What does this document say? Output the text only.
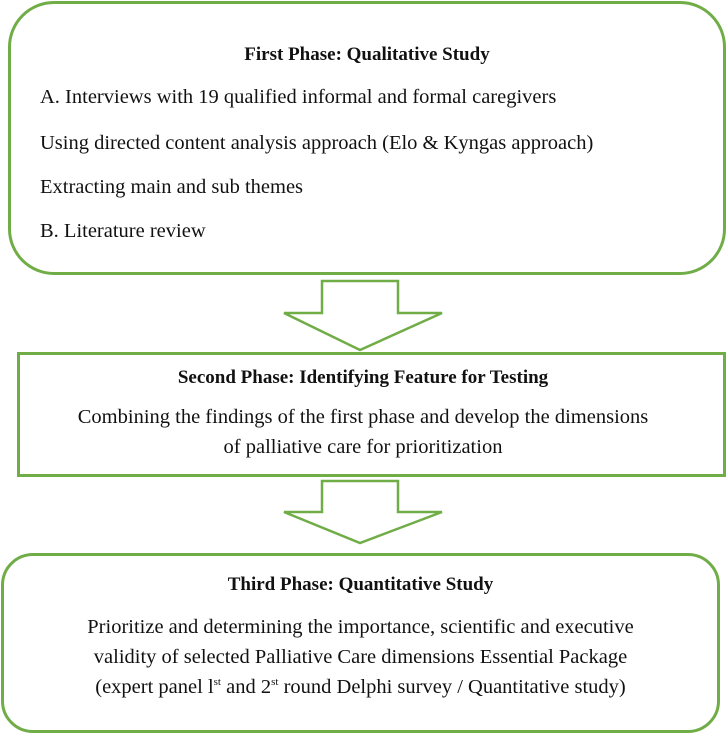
First Phase: Qualitative Study
A. Interviews with 19 qualified informal and formal caregivers
Using directed content analysis approach (Elo & Kyngas approach)
Extracting main and sub themes
B. Literature review
Second Phase: Identifying Feature for Testing
Combining the findings of the first phase and develop the dimensions
of palliative care for prioritization
Third Phase: Quantitative Study
Prioritize and determining the importance, scientific and executive
validity of selected Palliative Care dimensions Essential Package
(expert panel $l^{st}$ and 2st round Delphi survey / Quantitative study)
